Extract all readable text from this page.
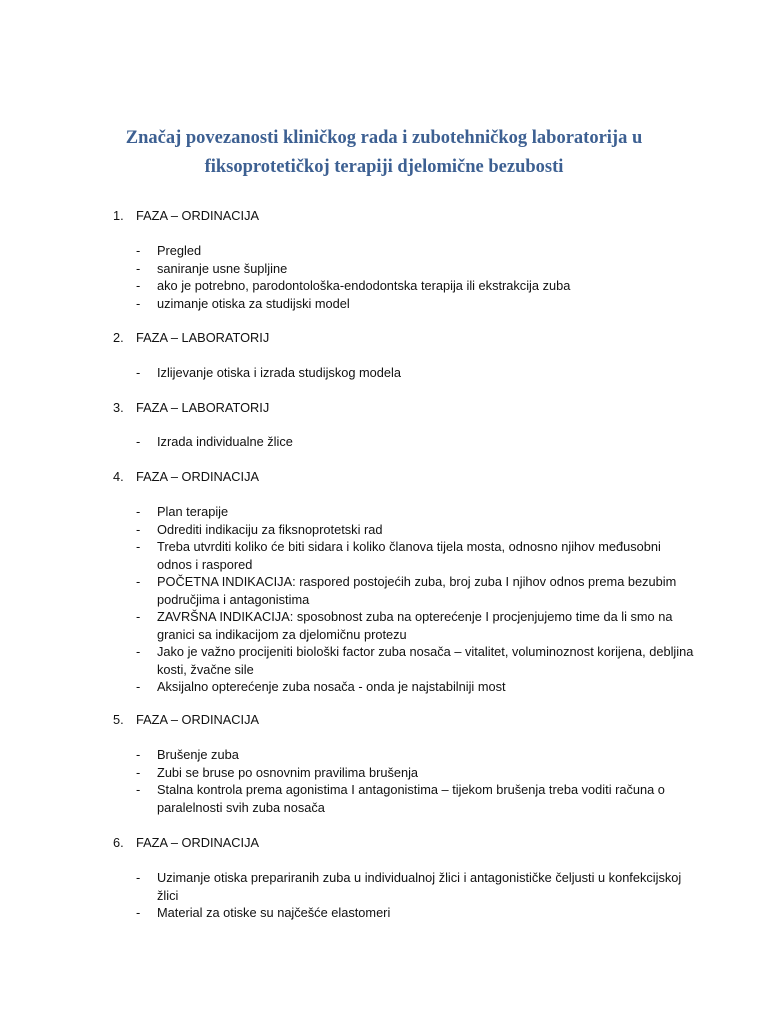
Značaj povezanosti kliničkog rada i zubotehničkog laboratorija u
fiksoprotetičkoj terapiji djelomične bezubosti
1. FAZA – ORDINACIJA
- Pregled
- saniranje usne šupljine
- ako je potrebno, parodontološka-endodontska terapija ili ekstrakcija zuba
- uzimanje otiska za studijski model
2. FAZA – LABORATORIJ
- Izlijevanje otiska i izrada studijskog modela
3. FAZA – LABORATORIJ
- Izrada individualne žlice
4. FAZA – ORDINACIJA
- Plan terapije
- Odrediti indikaciju za fiksnoprotetski rad
- Treba utvrditi koliko će biti sidara i koliko članova tijela mosta, odnosno njihov međusobni odnos i raspored
- POČETNA INDIKACIJA: raspored postojećih zuba, broj zuba I njihov odnos prema bezubim područjima i antagonistima
- ZAVRŠNA INDIKACIJA: sposobnost zuba na opterećenje I procjenjujemo time da li smo na granici sa indikacijom za djelomičnu protezu
- Jako je važno procijeniti biološki factor zuba nosača – vitalitet, voluminoznost korijena, debljina kosti, žvačne sile
- Aksijalno opterećenje zuba nosača - onda je najstabilniji most
5. FAZA – ORDINACIJA
- Brušenje zuba
- Zubi se bruse po osnovnim pravilima brušenja
- Stalna kontrola prema agonistima I antagonistima – tijekom brušenja treba voditi računa o paralelnosti svih zuba nosača
6. FAZA – ORDINACIJA
- Uzimanje otiska prepariranih zuba u individualnoj žlici i antagonističke čeljusti u konfekcijskoj žlici
- Material za otiske su najčešće elastomeri
